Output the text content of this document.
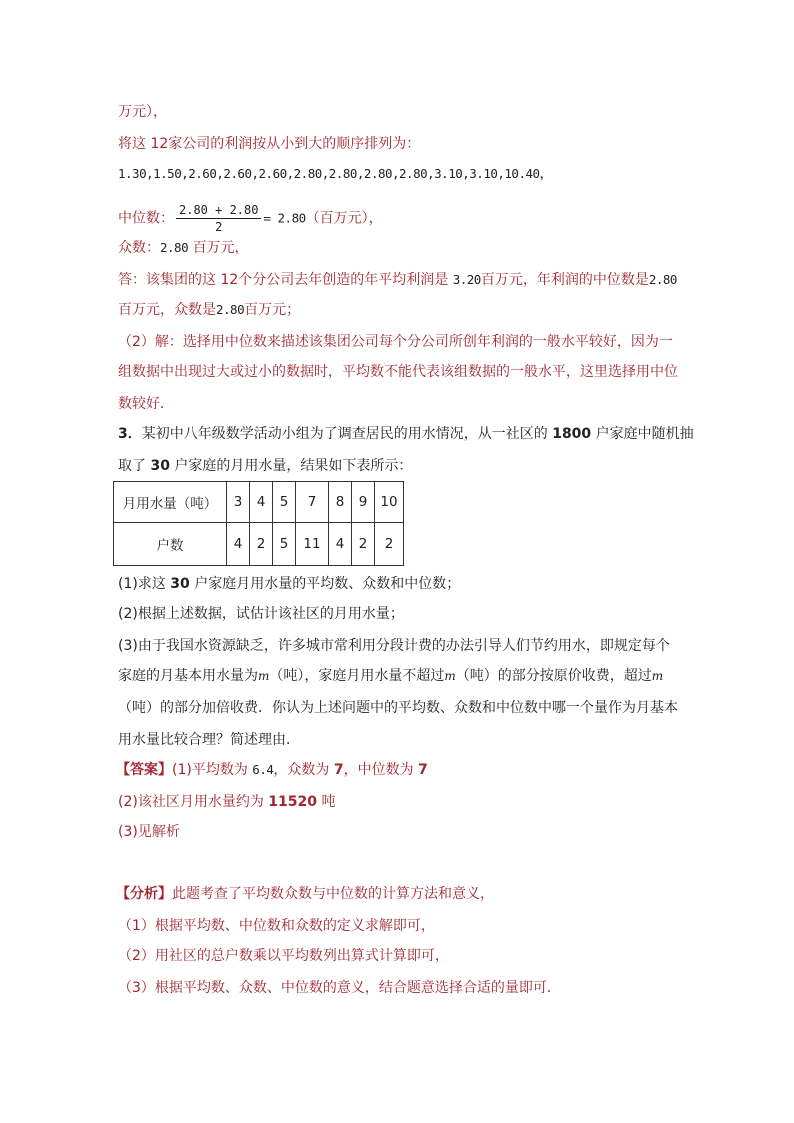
万元），
将这 12家公司的利润按从小到大的顺序排列为：
1.30,1.50,2.60,2.60,2.60,2.80,2.80,2.80,2.80,3.10,3.10,10.40，
中位数： $\frac{2.80 + 2.80}{2} = 2.80$（百万元），
众数：2.80 百万元，
答：该集团的这 12个分公司去年创造的年平均利润是 3.20百万元，年利润的中位数是2.80
百万元，众数是2.80百万元；
（2）解：选择用中位数来描述该集团公司每个分公司所创年利润的一般水平较好，因为一
组数据中出现过大或过小的数据时，平均数不能代表该组数据的一般水平，这里选择用中位
数较好．
3．某初中八年级数学活动小组为了调查居民的用水情况，从一社区的 1800 户家庭中随机抽
取了 30 户家庭的月用水量，结果如下表所示：
月用水量（吨）	3	4	5	7	8	9	10
户数	4	2	5	11	4	2	2
(1)求这 30 户家庭月用水量的平均数、众数和中位数；
(2)根据上述数据，试估计该社区的月用水量；
(3)由于我国水资源缺乏，许多城市常利用分段计费的办法引导人们节约用水，即规定每个
家庭的月基本用水量为m（吨），家庭月用水量不超过m（吨）的部分按原价收费，超过m
（吨）的部分加倍收费．你认为上述问题中的平均数、众数和中位数中哪一个量作为月基本
用水量比较合理？简述理由．
【答案】(1)平均数为 6.4，众数为 7，中位数为 7
(2)该社区月用水量约为 11520 吨
(3)见解析
【分析】此题考查了平均数众数与中位数的计算方法和意义，
（1）根据平均数、中位数和众数的定义求解即可，
（2）用社区的总户数乘以平均数列出算式计算即可，
（3）根据平均数、众数、中位数的意义，结合题意选择合适的量即可．
